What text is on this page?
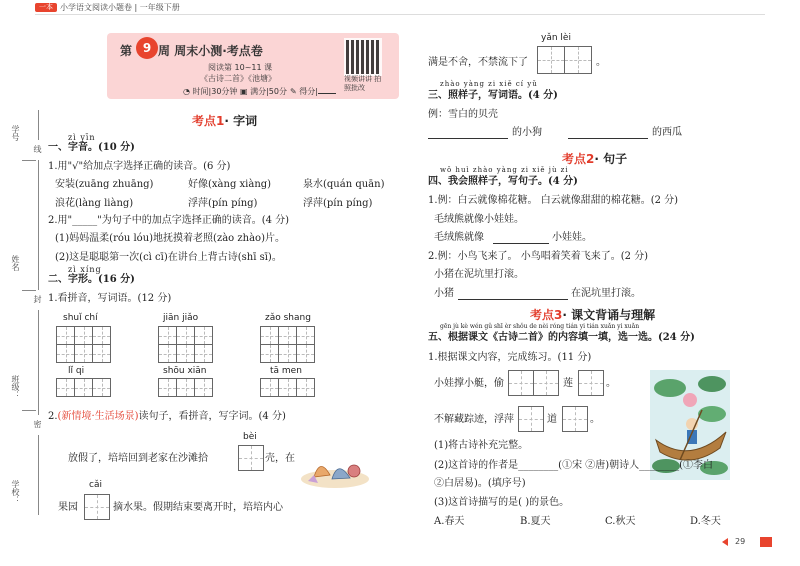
一本 小学语文阅读小题卷 | 一年级下册
学号
姓名
班级：
学校：
线
封
密
第 周 周末小测·考点卷
9
阅读第 10~11 课
《古诗二首》《池塘》
◔ 时间|30分钟 ▣ 满分|50分 ✎ 得分|
视频讲讲 拍照批改
考点1· 字词
zì yīn
一、字音。(10 分)
1.用"√"给加点字选择正确的读音。(6 分)
安装(zuāng zhuāng)	好像(xàng xiàng)	泉水(quán quān)
浪花(làng liàng)	浮萍(pín píng)	浮萍(pín píng)
2.用"_____"为句子中的加点字选择正确的读音。(4 分)
(1)妈妈温柔(róu lóu)地抚摸着老照(zào zhào)片。
(2)这是聪聪第一次(cì cī)在讲台上背古诗(shī sī)。
zì xíng
二、字形。(16 分)
1.看拼音，写词语。(12 分)
shuǐ chí	jiān jiǎo	zǎo shang
lǐ qi	shōu xiān	tā men
2.(新情境·生活场景)读句子，看拼音，写字词。(4 分)
bèi
放假了，培培回到老家在沙滩拾	壳，在
cǎi
果园	摘水果。假期结束要离开时，培培内心
yǎn lèi
满是不舍，不禁流下了	。
zhào yàng zi xiě cí yǔ
三、照样子，写词语。(4 分)
例：雪白的贝壳
的小狗	的西瓜
考点2· 句子
wǒ huì zhào yàng zi xiě jù zi
四、我会照样子，写句子。(4 分)
1.例：白云就像棉花糖。 白云就像甜甜的棉花糖。(2 分)
毛绒熊就像小娃娃。
毛绒熊就像	小娃娃。
2.例：小鸟飞来了。 小鸟唱着笑着飞来了。(2 分)
小猪在泥坑里打滚。
小猪	在泥坑里打滚。
考点3· 课文背诵与理解
gēn jù kè wén gǔ shī èr shǒu de nèi róng tián yi tián xuǎn yi xuǎn
五、根据课文《古诗二首》的内容填一填，选一选。(24 分)
1.根据课文内容，完成练习。(11 分)
小娃撑小艇，偷	莲	。
不解藏踪迹，浮萍	道	。
(1)将古诗补充完整。
(2)这首诗的作者是________(①宋 ②唐)朝诗人________(①李白
②白居易)。(填序号)
(3)这首诗描写的是( )的景色。
A.春天	B.夏天	C.秋天	D.冬天
29
